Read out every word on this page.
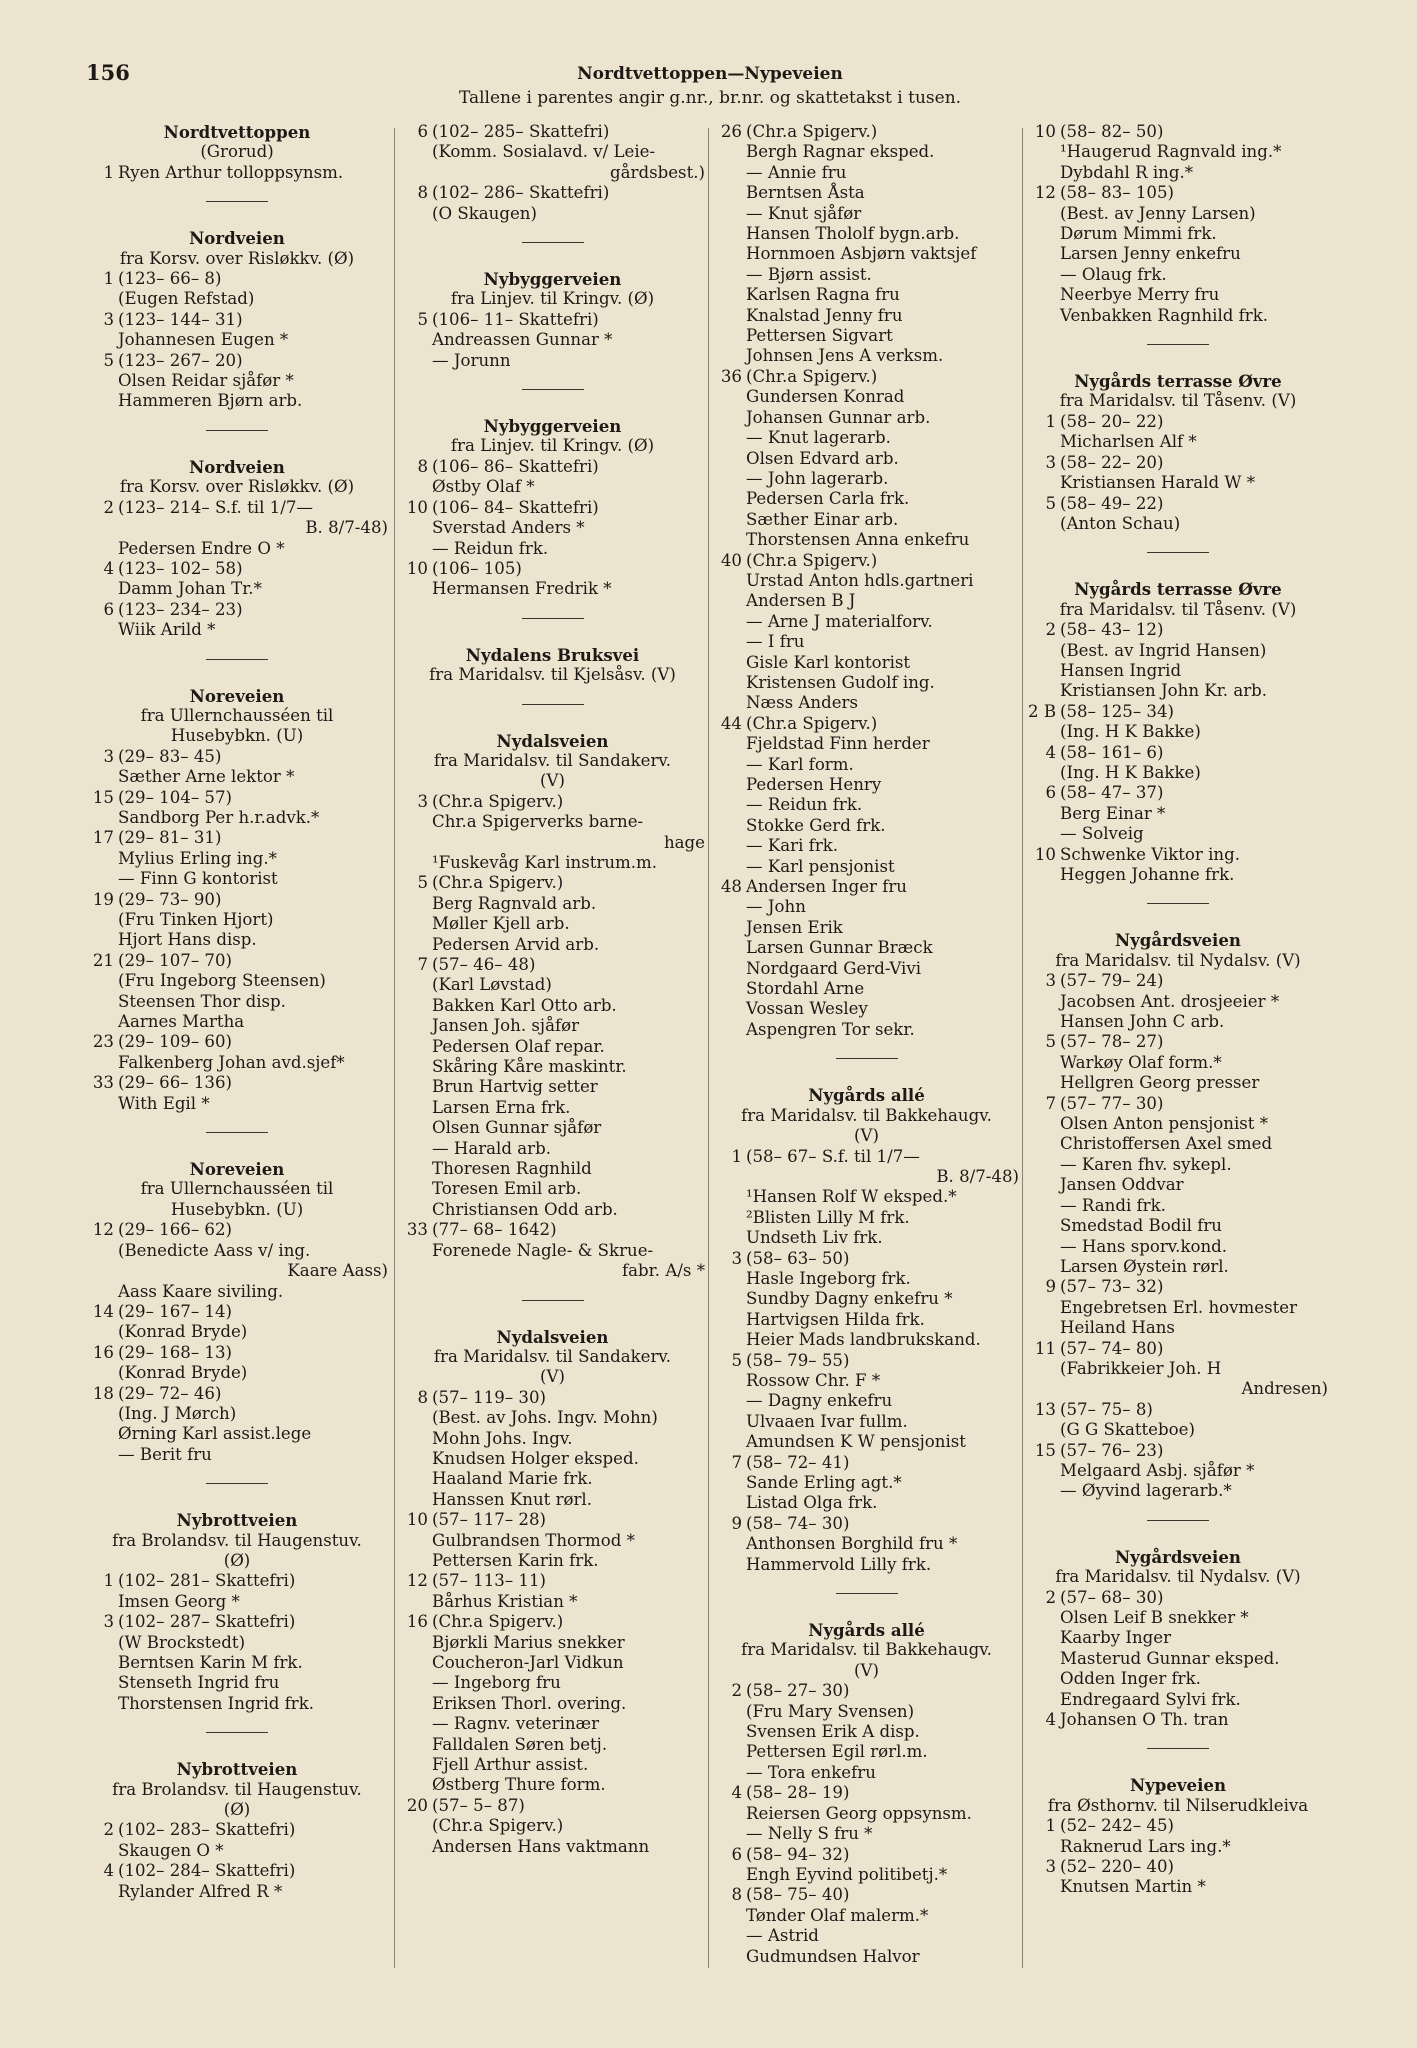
156	Nordtvettoppen—Nypeveien
Tallene i parentes angir g.nr., br.nr. og skattetakst i tusen.
Nordtvettoppen
(Grorud)
1 Ryen Arthur tolloppsynsm.
Nordveien
fra Korsv. over Risløkkv. (Ø)
1 (123– 66– 8)
(Eugen Refstad)
3 (123– 144– 31)
Johannesen Eugen *
5 (123– 267– 20)
Olsen Reidar sjåfør *
Hammeren Bjørn arb.
Nordveien
fra Korsv. over Risløkkv. (Ø)
2 (123– 214– S.f. til 1/7—
B. 8/7-48)
Pedersen Endre O *
4 (123– 102– 58)
Damm Johan Tr.*
6 (123– 234– 23)
Wiik Arild *
Noreveien
fra Ullernchausséen til
Husebybkn. (U)
3 (29– 83– 45)
Sæther Arne lektor *
15 (29– 104– 57)
Sandborg Per h.r.advk.*
17 (29– 81– 31)
Mylius Erling ing.*
— Finn G kontorist
19 (29– 73– 90)
(Fru Tinken Hjort)
Hjort Hans disp.
21 (29– 107– 70)
(Fru Ingeborg Steensen)
Steensen Thor disp.
Aarnes Martha
23 (29– 109– 60)
Falkenberg Johan avd.sjef*
33 (29– 66– 136)
With Egil *
Noreveien
fra Ullernchausséen til
Husebybkn. (U)
12 (29– 166– 62)
(Benedicte Aass v/ ing.
Kaare Aass)
Aass Kaare siviling.
14 (29– 167– 14)
(Konrad Bryde)
16 (29– 168– 13)
(Konrad Bryde)
18 (29– 72– 46)
(Ing. J Mørch)
Ørning Karl assist.lege
— Berit fru
Nybrottveien
fra Brolandsv. til Haugenstuv.
(Ø)
1 (102– 281– Skattefri)
Imsen Georg *
3 (102– 287– Skattefri)
(W Brockstedt)
Berntsen Karin M frk.
Stenseth Ingrid fru
Thorstensen Ingrid frk.
Nybrottveien
fra Brolandsv. til Haugenstuv.
(Ø)
2 (102– 283– Skattefri)
Skaugen O *
4 (102– 284– Skattefri)
Rylander Alfred R *
6 (102– 285– Skattefri)
(Komm. Sosialavd. v/ Leie-
gårdsbest.)
8 (102– 286– Skattefri)
(O Skaugen)
Nybyggerveien
fra Linjev. til Kringv. (Ø)
5 (106– 11– Skattefri)
Andreassen Gunnar *
— Jorunn
Nybyggerveien
fra Linjev. til Kringv. (Ø)
8 (106– 86– Skattefri)
Østby Olaf *
10 (106– 84– Skattefri)
Sverstad Anders *
— Reidun frk.
10 (106– 105)
Hermansen Fredrik *
Nydalens Bruksvei
fra Maridalsv. til Kjelsåsv. (V)
Nydalsveien
fra Maridalsv. til Sandakerv.
(V)
3 (Chr.a Spigerv.)
Chr.a Spigerverks barne-
hage
¹Fuskevåg Karl instrum.m.
5 (Chr.a Spigerv.)
Berg Ragnvald arb.
Møller Kjell arb.
Pedersen Arvid arb.
7 (57– 46– 48)
(Karl Løvstad)
Bakken Karl Otto arb.
Jansen Joh. sjåfør
Pedersen Olaf repar.
Skåring Kåre maskintr.
Brun Hartvig setter
Larsen Erna frk.
Olsen Gunnar sjåfør
— Harald arb.
Thoresen Ragnhild
Toresen Emil arb.
Christiansen Odd arb.
33 (77– 68– 1642)
Forenede Nagle- & Skrue-
fabr. A/s *
Nydalsveien
fra Maridalsv. til Sandakerv.
(V)
8 (57– 119– 30)
(Best. av Johs. Ingv. Mohn)
Mohn Johs. Ingv.
Knudsen Holger eksped.
Haaland Marie frk.
Hanssen Knut rørl.
10 (57– 117– 28)
Gulbrandsen Thormod *
Pettersen Karin frk.
12 (57– 113– 11)
Bårhus Kristian *
16 (Chr.a Spigerv.)
Bjørkli Marius snekker
Coucheron-Jarl Vidkun
— Ingeborg fru
Eriksen Thorl. overing.
— Ragnv. veterinær
Falldalen Søren betj.
Fjell Arthur assist.
Østberg Thure form.
20 (57– 5– 87)
(Chr.a Spigerv.)
Andersen Hans vaktmann
26 (Chr.a Spigerv.)
Bergh Ragnar eksped.
— Annie fru
Berntsen Åsta
— Knut sjåfør
Hansen Thololf bygn.arb.
Hornmoen Asbjørn vaktsjef
— Bjørn assist.
Karlsen Ragna fru
Knalstad Jenny fru
Pettersen Sigvart
Johnsen Jens A verksm.
36 (Chr.a Spigerv.)
Gundersen Konrad
Johansen Gunnar arb.
— Knut lagerarb.
Olsen Edvard arb.
— John lagerarb.
Pedersen Carla frk.
Sæther Einar arb.
Thorstensen Anna enkefru
40 (Chr.a Spigerv.)
Urstad Anton hdls.gartneri
Andersen B J
— Arne J materialforv.
— I fru
Gisle Karl kontorist
Kristensen Gudolf ing.
Næss Anders
44 (Chr.a Spigerv.)
Fjeldstad Finn herder
— Karl form.
Pedersen Henry
— Reidun frk.
Stokke Gerd frk.
— Kari frk.
— Karl pensjonist
48 Andersen Inger fru
— John
Jensen Erik
Larsen Gunnar Bræck
Nordgaard Gerd-Vivi
Stordahl Arne
Vossan Wesley
Aspengren Tor sekr.
Nygårds allé
fra Maridalsv. til Bakkehaugv.
(V)
1 (58– 67– S.f. til 1/7—
B. 8/7-48)
¹Hansen Rolf W eksped.*
²Blisten Lilly M frk.
Undseth Liv frk.
3 (58– 63– 50)
Hasle Ingeborg frk.
Sundby Dagny enkefru *
Hartvigsen Hilda frk.
Heier Mads landbrukskand.
5 (58– 79– 55)
Rossow Chr. F *
— Dagny enkefru
Ulvaaen Ivar fullm.
Amundsen K W pensjonist
7 (58– 72– 41)
Sande Erling agt.*
Listad Olga frk.
9 (58– 74– 30)
Anthonsen Borghild fru *
Hammervold Lilly frk.
Nygårds allé
fra Maridalsv. til Bakkehaugv.
(V)
2 (58– 27– 30)
(Fru Mary Svensen)
Svensen Erik A disp.
Pettersen Egil rørl.m.
— Tora enkefru
4 (58– 28– 19)
Reiersen Georg oppsynsm.
— Nelly S fru *
6 (58– 94– 32)
Engh Eyvind politibetj.*
8 (58– 75– 40)
Tønder Olaf malerm.*
— Astrid
Gudmundsen Halvor
10 (58– 82– 50)
¹Haugerud Ragnvald ing.*
Dybdahl R ing.*
12 (58– 83– 105)
(Best. av Jenny Larsen)
Dørum Mimmi frk.
Larsen Jenny enkefru
— Olaug frk.
Neerbye Merry fru
Venbakken Ragnhild frk.
Nygårds terrasse Øvre
fra Maridalsv. til Tåsenv. (V)
1 (58– 20– 22)
Micharlsen Alf *
3 (58– 22– 20)
Kristiansen Harald W *
5 (58– 49– 22)
(Anton Schau)
Nygårds terrasse Øvre
fra Maridalsv. til Tåsenv. (V)
2 (58– 43– 12)
(Best. av Ingrid Hansen)
Hansen Ingrid
Kristiansen John Kr. arb.
2 B (58– 125– 34)
(Ing. H K Bakke)
4 (58– 161– 6)
(Ing. H K Bakke)
6 (58– 47– 37)
Berg Einar *
— Solveig
10 Schwenke Viktor ing.
Heggen Johanne frk.
Nygårdsveien
fra Maridalsv. til Nydalsv. (V)
3 (57– 79– 24)
Jacobsen Ant. drosjeeier *
Hansen John C arb.
5 (57– 78– 27)
Warkøy Olaf form.*
Hellgren Georg presser
7 (57– 77– 30)
Olsen Anton pensjonist *
Christoffersen Axel smed
— Karen fhv. sykepl.
Jansen Oddvar
— Randi frk.
Smedstad Bodil fru
— Hans sporv.kond.
Larsen Øystein rørl.
9 (57– 73– 32)
Engebretsen Erl. hovmester
Heiland Hans
11 (57– 74– 80)
(Fabrikkeier Joh. H
Andresen)
13 (57– 75– 8)
(G G Skatteboe)
15 (57– 76– 23)
Melgaard Asbj. sjåfør *
— Øyvind lagerarb.*
Nygårdsveien
fra Maridalsv. til Nydalsv. (V)
2 (57– 68– 30)
Olsen Leif B snekker *
Kaarby Inger
Masterud Gunnar eksped.
Odden Inger frk.
Endregaard Sylvi frk.
4 Johansen O Th. tran
Nypeveien
fra Østhornv. til Nilserudkleiva
1 (52– 242– 45)
Raknerud Lars ing.*
3 (52– 220– 40)
Knutsen Martin *
